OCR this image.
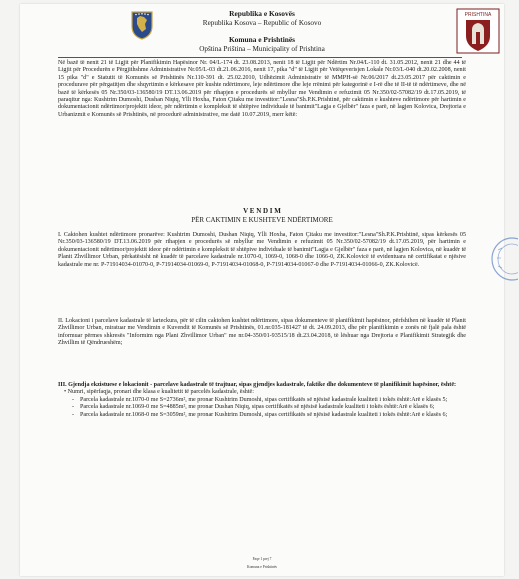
Republika e Kosovës
Republika Kosova – Republic of Kosovo
Komuna e Prishtinës
Opština Priština – Municipality of Prishtina
PRISHTINA
Në bazë të nenit 21 të Ligjit për Planifikimin Hapësinor Nr. 04/L-174 dt. 23.08.2013, nenit 18 të Ligjit për Ndërtim Nr.04/L-110 dt. 31.05.2012, nenit 21 dhe 44 të Ligjit për Procedurën e Përgjithshme Administrative Nr.05/L-03 dt.21.06.2016, nenit 17, pika "d" të Ligjit për Vetëqeverisjen Lokale Nr.03/L-040 dt.20.02.2008, nenit 15 pika "d" e Statutit të Komunës së Prishtinës Nr.110-391 dt. 25.02.2010, Udhëzimit Administrativ të MMPH-së Nr.06/2017 dt.23.05.2017 për caktimin e procedurave për përgatitjen dhe shqyrtimin e kërkesave për kushte ndërtimore, leje ndërtimore dhe leje rrënimi për kategorinë e I-rë dhe të II-të të ndërtimeve, dhe në bazë të kërkesës 05 Nr.350/03-136580/19 DT.13.06.2019 për rihapjen e procedurës së mbyllur me Vendimin e refuzimit 05 Nr.350/02-57082/19 dt.17.05.2019, të paraqitur nga: Kushtrim Dumoshi, Dushan Niqiq, Ylli Hoxha, Faton Çitaku me investitor:"Lesna"Sh.P.K.Prishtinë, për caktimin e kushteve ndërtimore për hartimin e dokumentacionit ndërtimor/projektit ideor, për ndërtimin e kompleksit të shtëpive individuale të banimit"Lagja e Gjelbër" faza e parë, në lagjen Kolovica, Drejtoria e Urbanizmit e Komunës së Prishtinës, në procedurë administrative, me datë 10.07.2019, merr këtë:
V E N D I M
PËR CAKTIMIN E KUSHTEVE NDËRTIMORE
I. Caktohen kushtet ndërtimore pronarëve: Kushtrim Dumoshi, Dushan Niqiq, Ylli Hoxha, Faton Çitaku me investitor:"Lesna"Sh.P.K.Prishtinë, sipas kërkesës 05 Nr.350/03-136580/19 DT.13.06.2019 për rihapjen e procedurës së mbyllur me Vendimin e refuzimit 05 Nr.350/02-57082/19 dt.17.05.2019, për hartimin e dokumentacionit ndërtimor/projektit ideor për ndërtimin e kompleksit të shtëpive individuale të banimit"Lagja e Gjelbër" faza e parë, në lagjen Kolovica, në kuadër të Planit Zhvillimor Urban, përkatësisht në kuadër të parcelave kadastrale nr.1070-0, 1069-0, 1068-0 dhe 1066-0, ZK.Kolovicë të evidentuara në certifikatat e njësive kadastrale me nr. P-71914034-01070-0, P-71914034-01069-0, P-71914034-01068-0, P-71914034-01067-0 dhe P-71914034-01066-0, ZK.Kolovicë.
II. Lokacioni i parcelave kadastrale të larteckura, për të cilin caktohen kushtet ndërtimore, sipas dokumenteve të planifikimit hapësinor, përfshihen në kuadër të Planit Zhvillimor Urban, miratuar me Vendimin e Kuvendit të Komunës së Prishtinës, 01.nr.035-181427 të dt. 24.09.2013, dhe për planifikimin e zonës në fjalë pala është informuar përmes shkresës "Informim nga Plani Zhvillimor Urban" me nr.04-350/01-93515/18 dt.23.04.2018, të lëshuar nga Drejtoria e Planifikimit Strategjik dhe Zhvillim të Qëndrueshëm;
III. Gjendja ekzistuese e lokacionit - parcelave kadastrale të trajtuar, sipas gjendjes kadastrale, faktike dhe dokumenteve të planifikimit hapësinor, është:
• Numri, sipërfaqja, pronari dhe klasa e kualitetit të parcelës kadastrale, është:
- Parcela kadastrale nr.1070-0 me S=2736m², me pronar Kushtrim Dumoshi, sipas certifikatës së njësisë kadastrale kualiteti i tokës është:Arë e klasës 5;
- Parcela kadastrale nr.1069-0 me S=4885m², me pronar Dushan Niqiq, sipas certifikatës së njësisë kadastrale kualiteti i tokës është:Arë e klasës 6;
- Parcela kadastrale nr.1068-0 me S=3059m², me pronar Kushtrim Dumoshi, sipas certifikatës së njësisë kadastrale kualiteti i tokës është:Arë e klasës 6;
Faqe 1 prej 7
Komuna e Prishtinës
